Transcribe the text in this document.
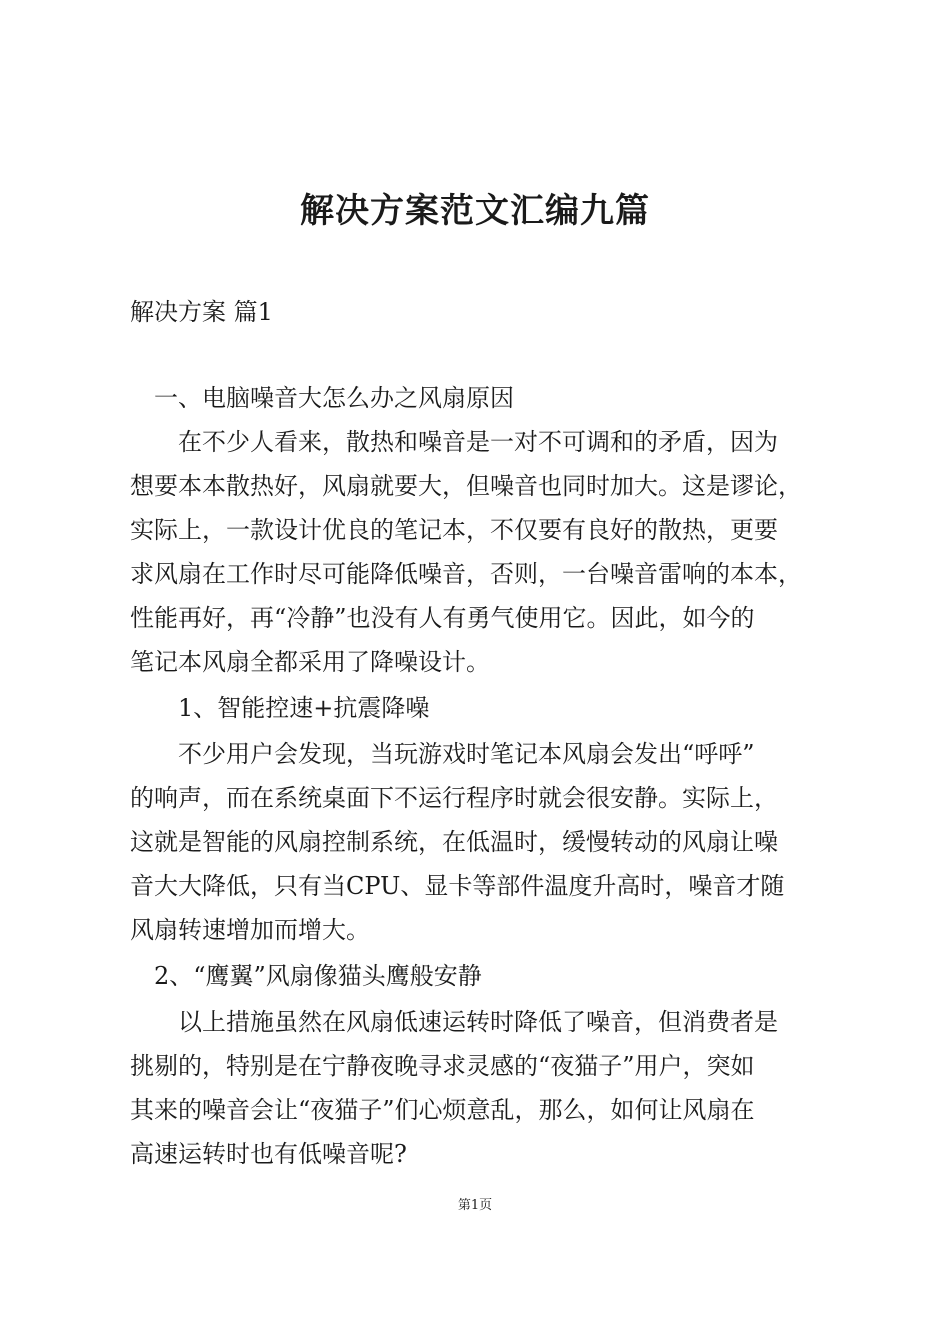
解决方案范文汇编九篇
解决方案 篇1
一、电脑噪音大怎么办之风扇原因
在不少人看来，散热和噪音是一对不可调和的矛盾，因为
想要本本散热好，风扇就要大，但噪音也同时加大。这是谬论，
实际上，一款设计优良的笔记本，不仅要有良好的散热，更要
求风扇在工作时尽可能降低噪音，否则，一台噪音雷响的本本，
性能再好，再“冷静”也没有人有勇气使用它。因此，如今的
笔记本风扇全都采用了降噪设计。
1、智能控速+抗震降噪
不少用户会发现，当玩游戏时笔记本风扇会发出“呼呼”
的响声，而在系统桌面下不运行程序时就会很安静。实际上，
这就是智能的风扇控制系统，在低温时，缓慢转动的风扇让噪
音大大降低，只有当CPU、显卡等部件温度升高时，噪音才随
风扇转速增加而增大。
2、“鹰翼”风扇像猫头鹰般安静
以上措施虽然在风扇低速运转时降低了噪音，但消费者是
挑剔的，特别是在宁静夜晚寻求灵感的“夜猫子”用户，突如
其来的噪音会让“夜猫子”们心烦意乱，那么，如何让风扇在
高速运转时也有低噪音呢?
第1页
